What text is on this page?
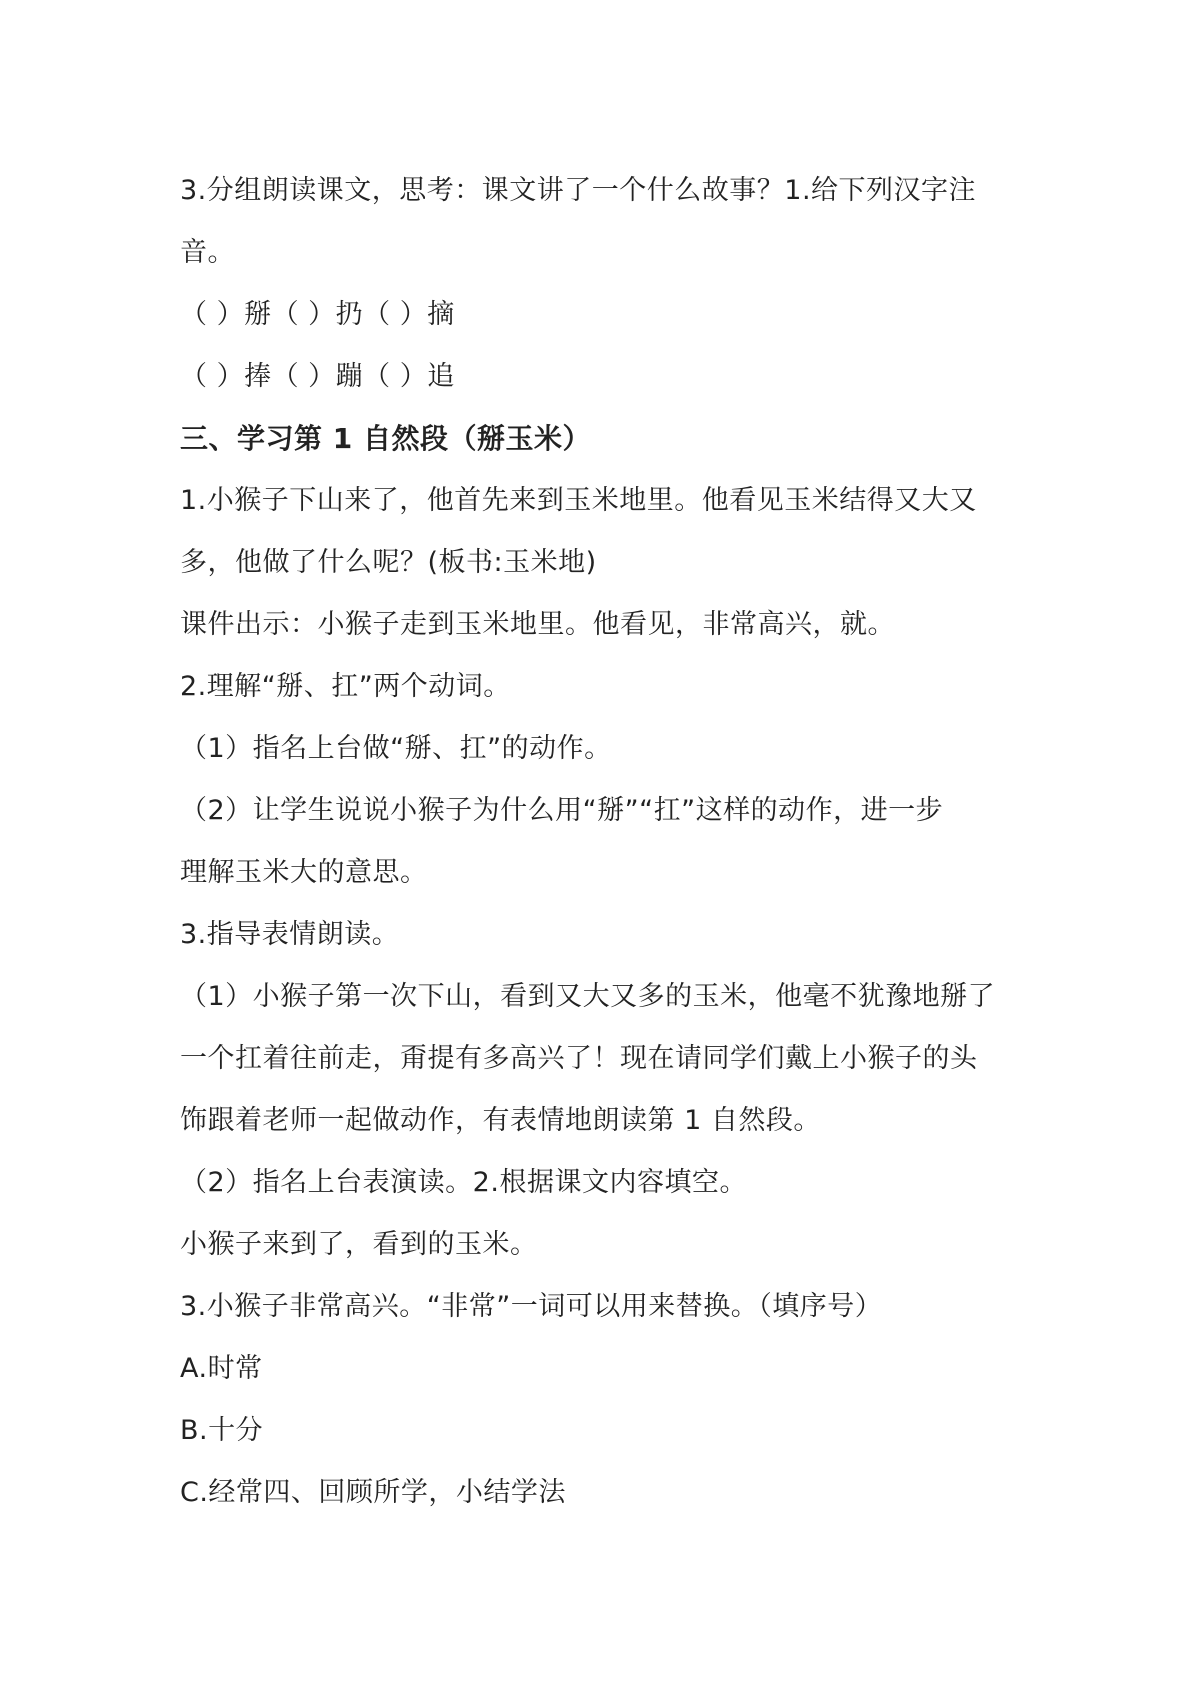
3.分组朗读课文，思考：课文讲了一个什么故事？1.给下列汉字注
音。
（ ）掰（ ）扔（ ）摘
（ ）捧（ ）蹦（ ）追
三、学习第 1 自然段（掰玉米）
1.小猴子下山来了，他首先来到玉米地里。他看见玉米结得又大又
多，他做了什么呢？(板书:玉米地)
课件出示：小猴子走到玉米地里。他看见，非常高兴，就。
2.理解“掰、扛”两个动词。
（1）指名上台做“掰、扛”的动作。
（2）让学生说说小猴子为什么用“掰”“扛”这样的动作，进一步
理解玉米大的意思。
3.指导表情朗读。
（1）小猴子第一次下山，看到又大又多的玉米，他毫不犹豫地掰了
一个扛着往前走，甭提有多高兴了！现在请同学们戴上小猴子的头
饰跟着老师一起做动作，有表情地朗读第 1 自然段。
（2）指名上台表演读。2.根据课文内容填空。
小猴子来到了，看到的玉米。
3.小猴子非常高兴。“非常”一词可以用来替换。（填序号）
A.时常
B.十分
C.经常四、回顾所学，小结学法
